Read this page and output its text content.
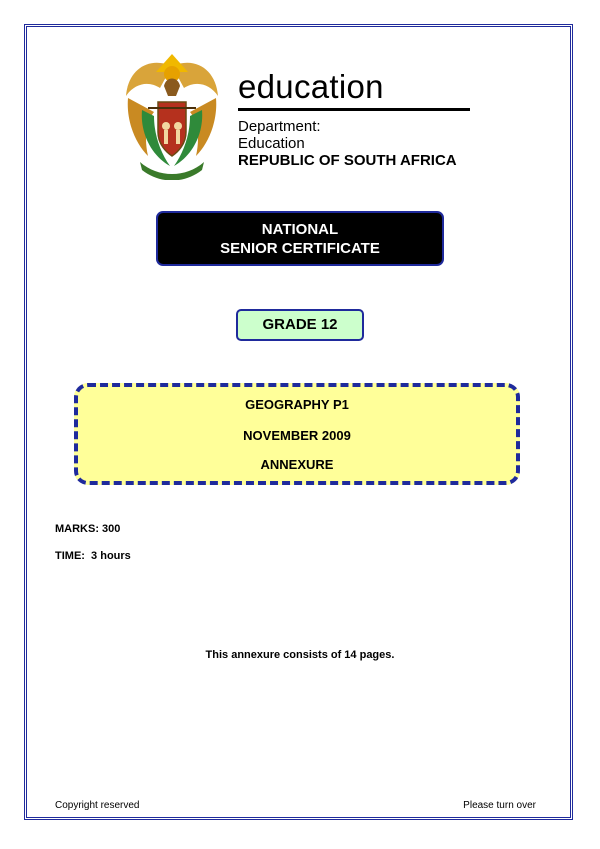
education
Department:
Education
REPUBLIC OF SOUTH AFRICA
NATIONAL
SENIOR CERTIFICATE
GRADE 12
GEOGRAPHY P1
NOVEMBER 2009
ANNEXURE
MARKS: 300
TIME:  3 hours
This annexure consists of 14 pages.
Copyright reserved	Please turn over
